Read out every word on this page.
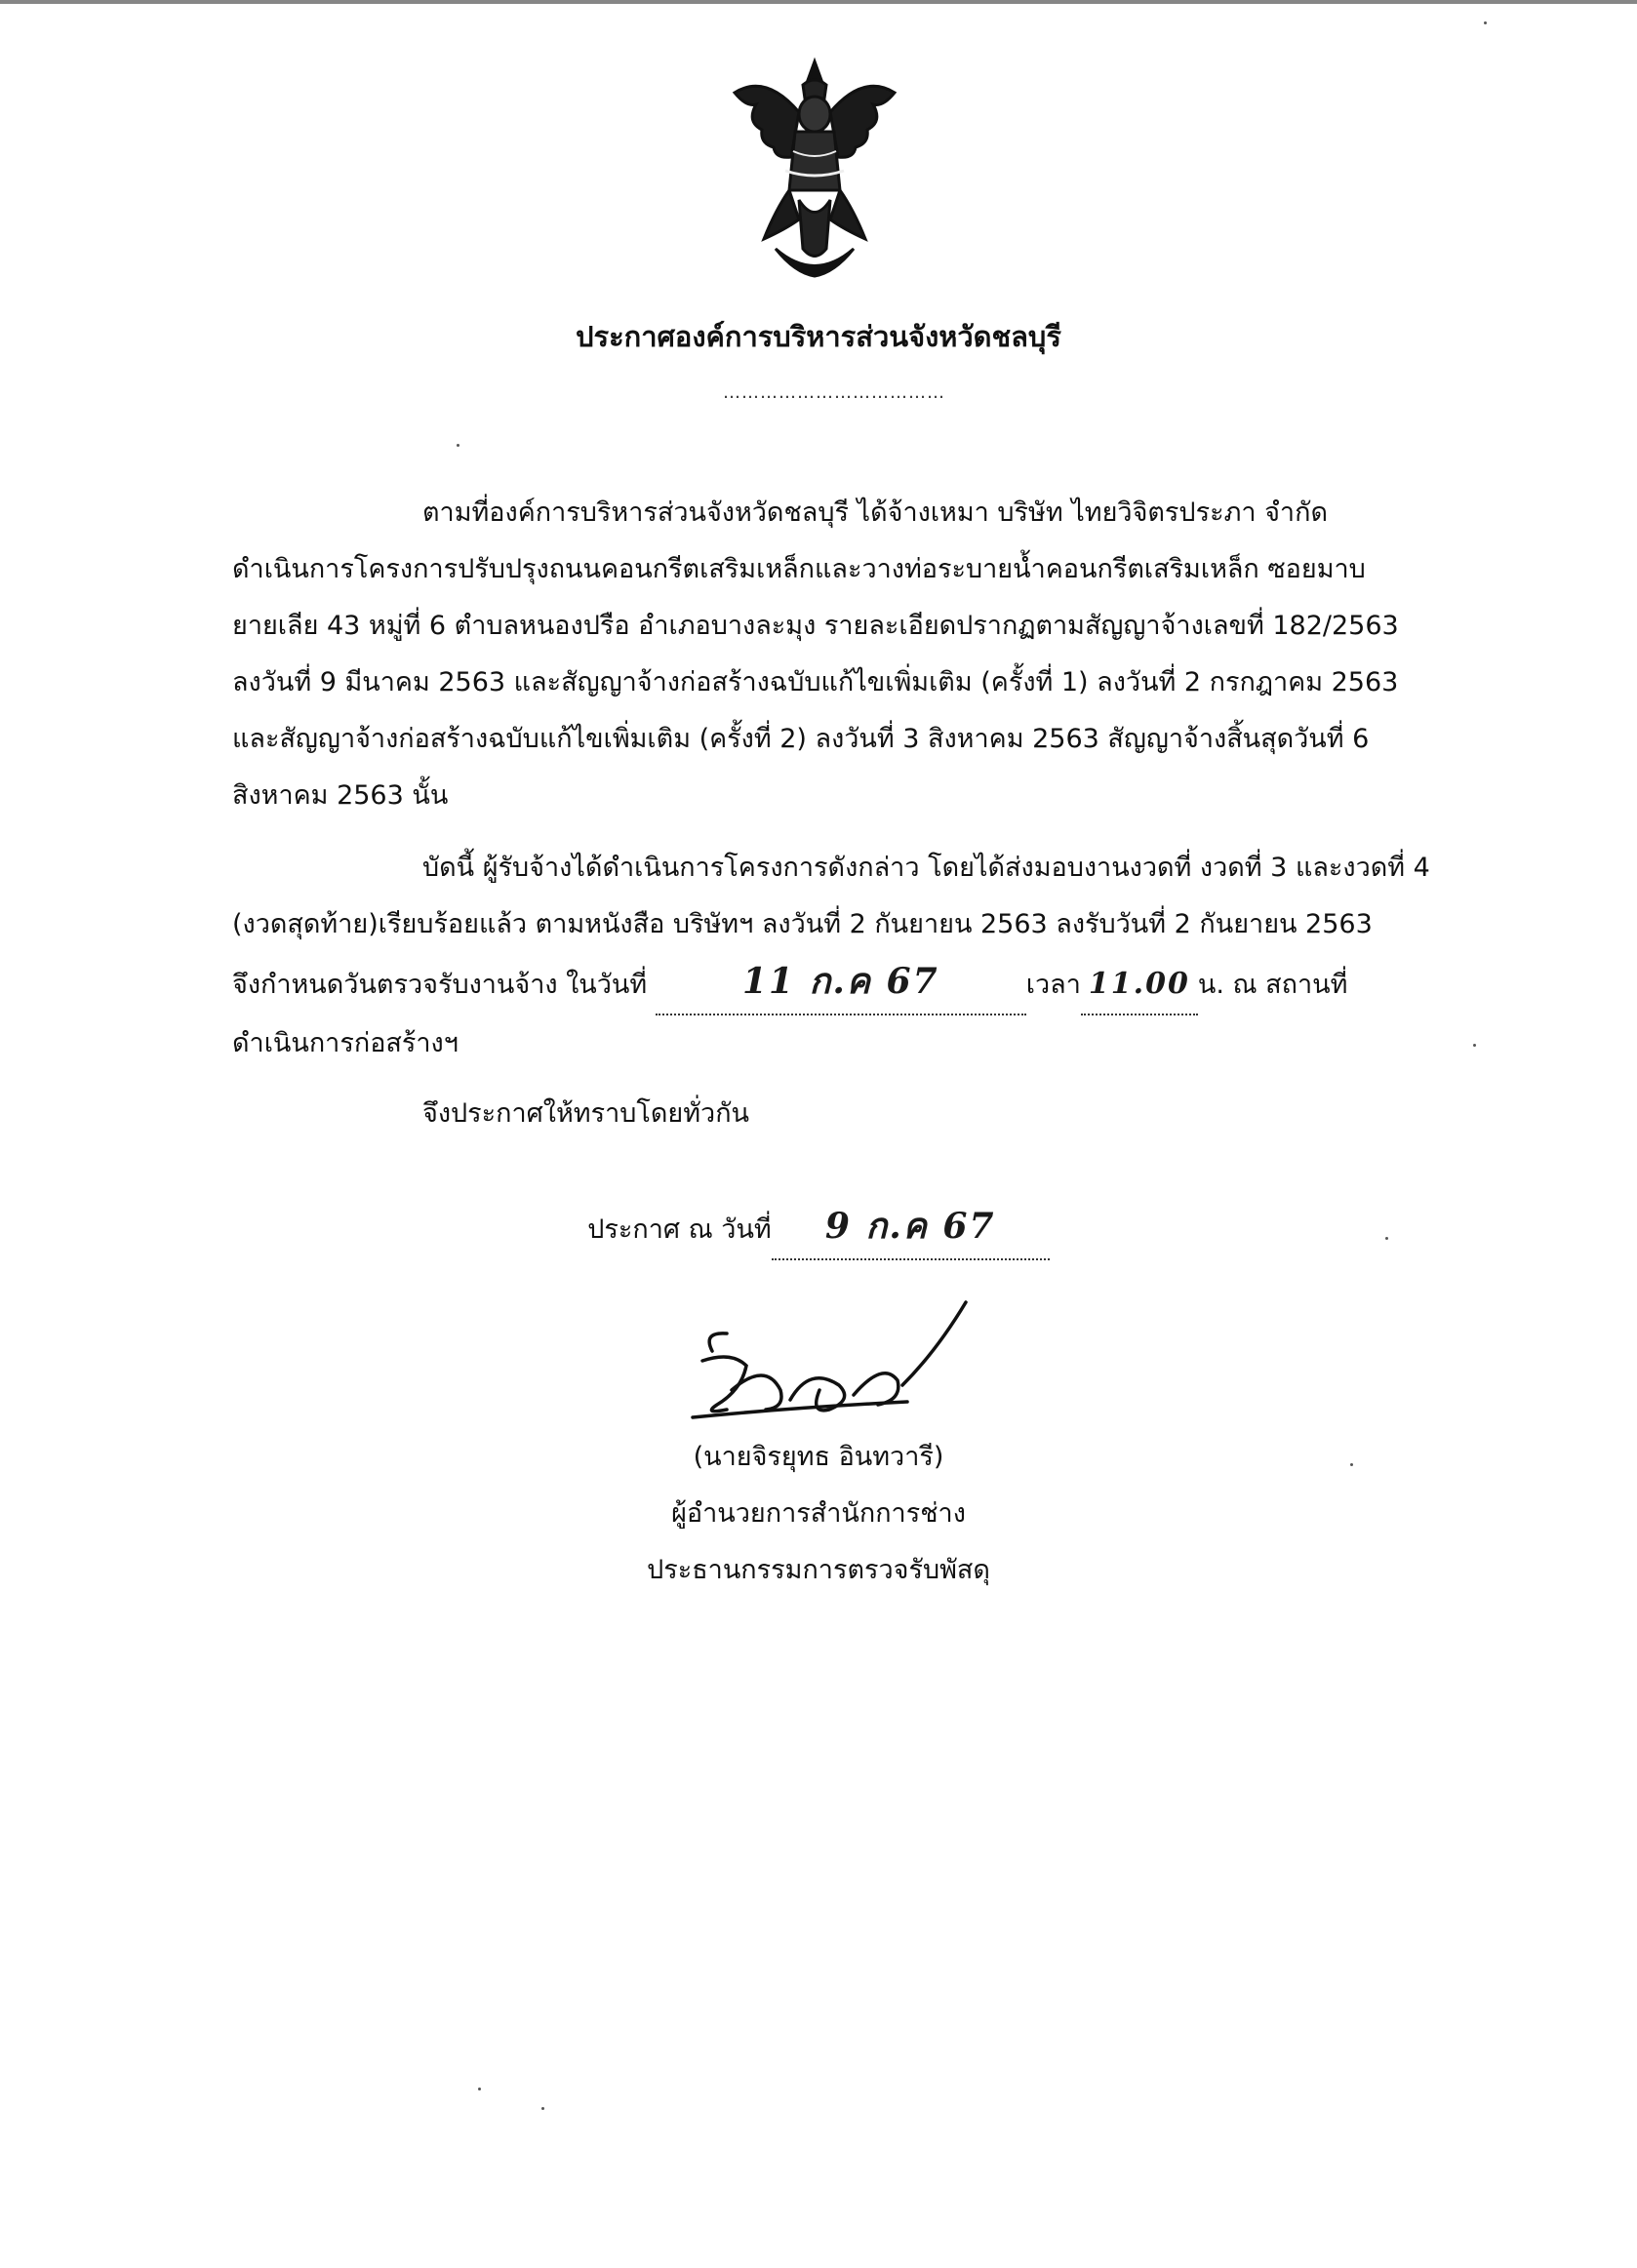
ประกาศองค์การบริหารส่วนจังหวัดชลบุรี
………………………………
ตามที่องค์การบริหารส่วนจังหวัดชลบุรี ได้จ้างเหมา บริษัท ไทยวิจิตรประภา จำกัด
ดำเนินการโครงการปรับปรุงถนนคอนกรีตเสริมเหล็กและวางท่อระบายน้ำคอนกรีตเสริมเหล็ก ซอยมาบ
ยายเลีย 43 หมู่ที่ 6 ตำบลหนองปรือ อำเภอบางละมุง รายละเอียดปรากฏตามสัญญาจ้างเลขที่ 182/2563
ลงวันที่ 9 มีนาคม 2563 และสัญญาจ้างก่อสร้างฉบับแก้ไขเพิ่มเติม (ครั้งที่ 1) ลงวันที่ 2 กรกฎาคม 2563
และสัญญาจ้างก่อสร้างฉบับแก้ไขเพิ่มเติม (ครั้งที่ 2) ลงวันที่ 3 สิงหาคม 2563 สัญญาจ้างสิ้นสุดวันที่ 6
สิงหาคม 2563 นั้น
บัดนี้ ผู้รับจ้างได้ดำเนินการโครงการดังกล่าว โดยได้ส่งมอบงานงวดที่ งวดที่ 3 และงวดที่ 4
(งวดสุดท้าย)เรียบร้อยแล้ว ตามหนังสือ บริษัทฯ ลงวันที่ 2 กันยายน 2563 ลงรับวันที่ 2 กันยายน 2563
จึงกำหนดวันตรวจรับงานจ้าง ในวันที่	11 ก.ค 67	เวลา 11.00 น. ณ สถานที่
ดำเนินการก่อสร้างฯ
จึงประกาศให้ทราบโดยทั่วกัน
ประกาศ ณ วันที่ 9 ก.ค 67
(นายจิรยุทธ อินทวารี)
ผู้อำนวยการสำนักการช่าง
ประธานกรรมการตรวจรับพัสดุ
